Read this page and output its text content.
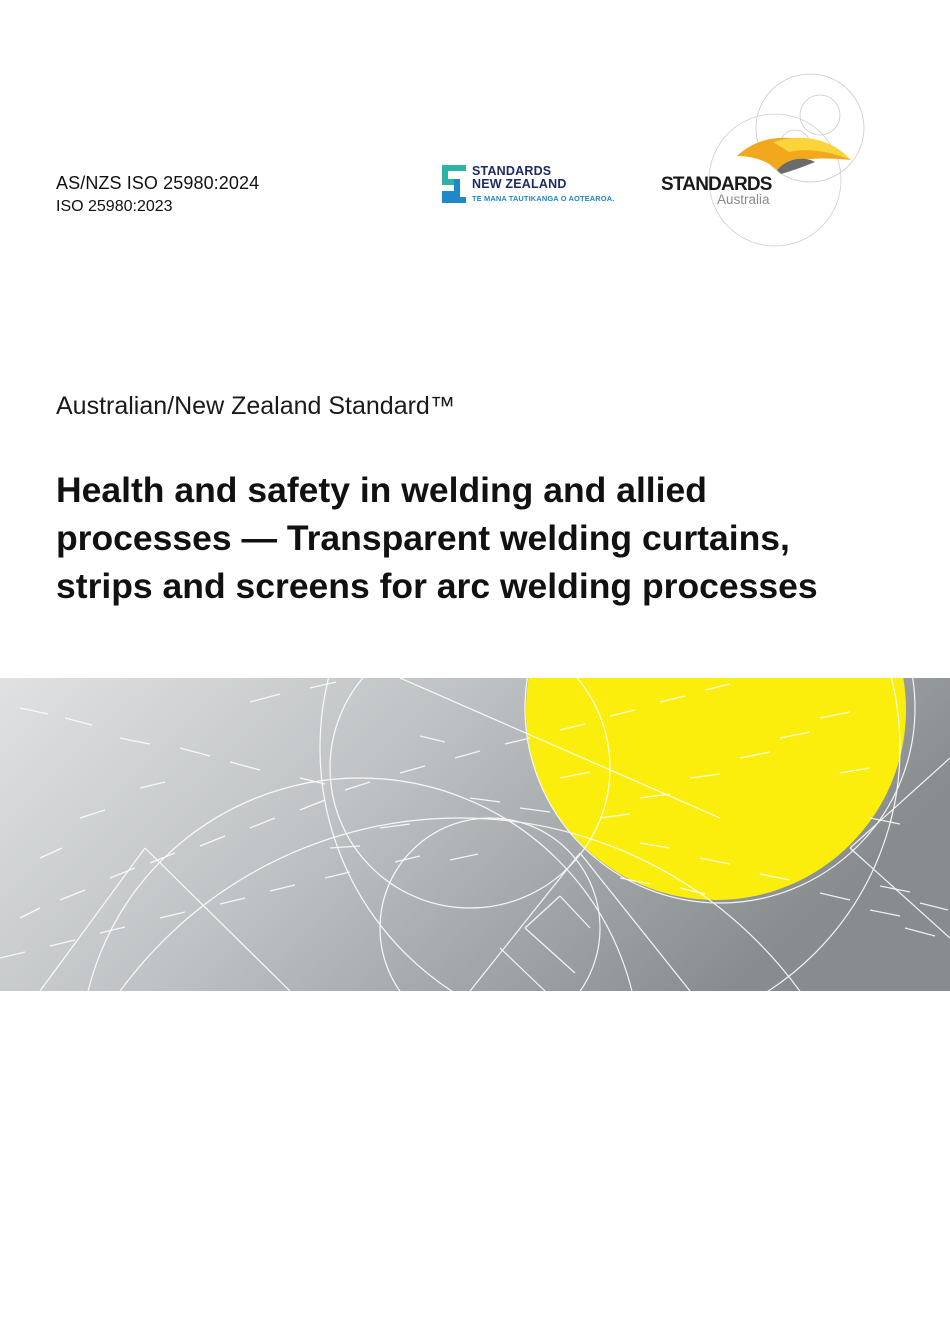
AS/NZS ISO 25980:2024
ISO 25980:2023
STANDARDS
NEW ZEALAND
TE MANA TAUTIKANGA O AOTEAROA.
STANDARDS
Australia
Australian/New Zealand Standard™
Health and safety in welding and allied
processes — Transparent welding curtains,
strips and screens for arc welding processes
